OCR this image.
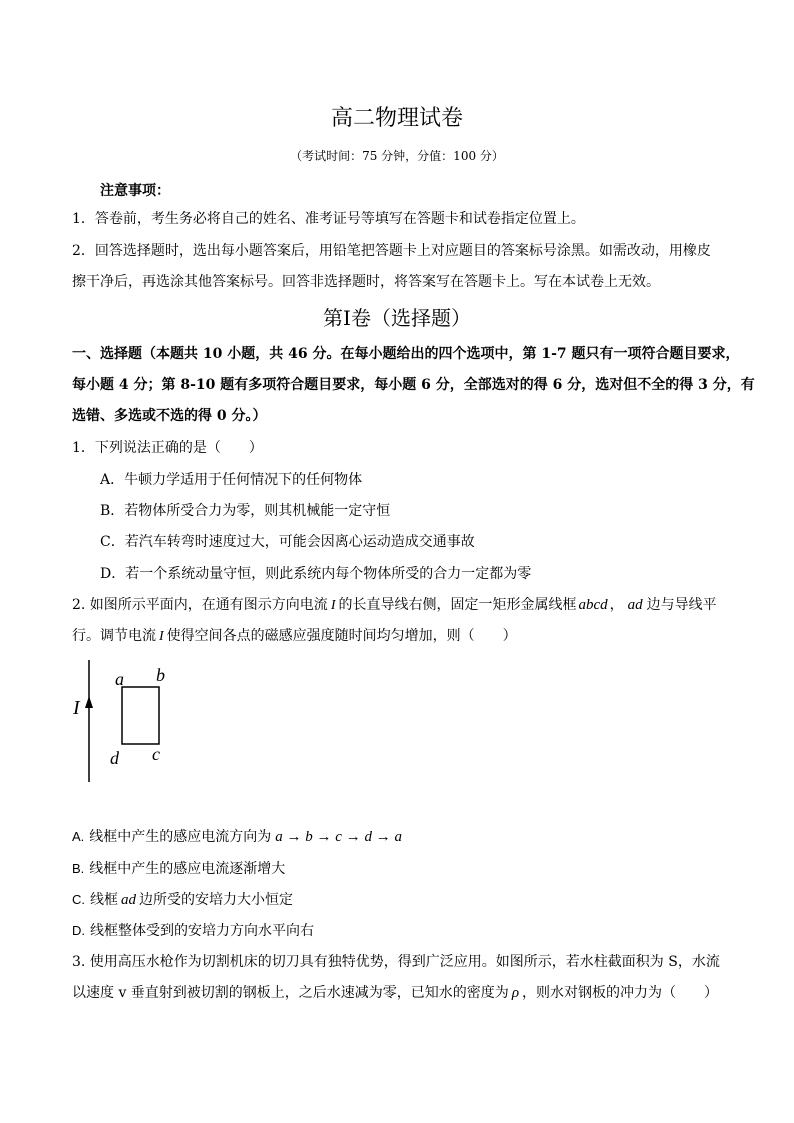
高二物理试卷
（考试时间：75 分钟，分值：100 分）
注意事项：
1．答卷前，考生务必将自己的姓名、准考证号等填写在答题卡和试卷指定位置上。
2．回答选择题时，选出每小题答案后，用铅笔把答题卡上对应题目的答案标号涂黑。如需改动，用橡皮
擦干净后，再选涂其他答案标号。回答非选择题时，将答案写在答题卡上。写在本试卷上无效。
第Ⅰ卷（选择题）
一、选择题（本题共 10 小题，共 46 分。在每小题给出的四个选项中，第 1-7 题只有一项符合题目要求，
每小题 4 分；第 8-10 题有多项符合题目要求，每小题 6 分，全部选对的得 6 分，选对但不全的得 3 分，有
选错、多选或不选的得 0 分。）
1．下列说法正确的是（　　）
A．牛顿力学适用于任何情况下的任何物体
B．若物体所受合力为零，则其机械能一定守恒
C．若汽车转弯时速度过大，可能会因离心运动造成交通事故
D．若一个系统动量守恒，则此系统内每个物体所受的合力一定都为零
2. 如图所示平面内，在通有图示方向电流 I 的长直导线右侧，固定一矩形金属线框 abcd ， ad 边与导线平
行。调节电流 I 使得空间各点的磁感应强度随时间均匀增加，则（　　）
I
a b
c
d
A. 线框中产生的感应电流方向为 a → b → c → d → a
B. 线框中产生的感应电流逐渐增大
C. 线框 ad 边所受的安培力大小恒定
D. 线框整体受到的安培力方向水平向右
3. 使用高压水枪作为切割机床的切刀具有独特优势，得到广泛应用。如图所示，若水柱截面积为 S，水流
以速度 v 垂直射到被切割的钢板上，之后水速减为零，已知水的密度为 ρ ，则水对钢板的冲力为（　　）
